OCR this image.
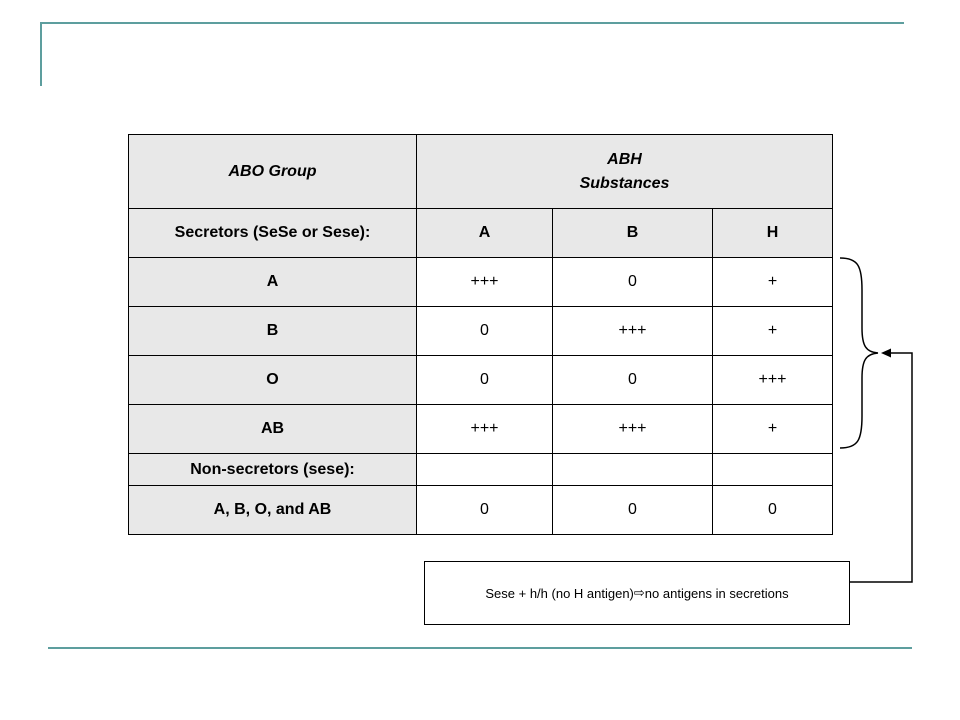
ABO Group	ABH
Substances		
Secretors (SeSe or Sese):	A	B	H
A	+++	0	+
B	0	+++	+
O	0	0	+++
AB	+++	+++	+
Non-secretors (sese):			
A, B, O, and AB	0	0	0
Sese + h/h (no H antigen) ⇨ no antigens in secretions
